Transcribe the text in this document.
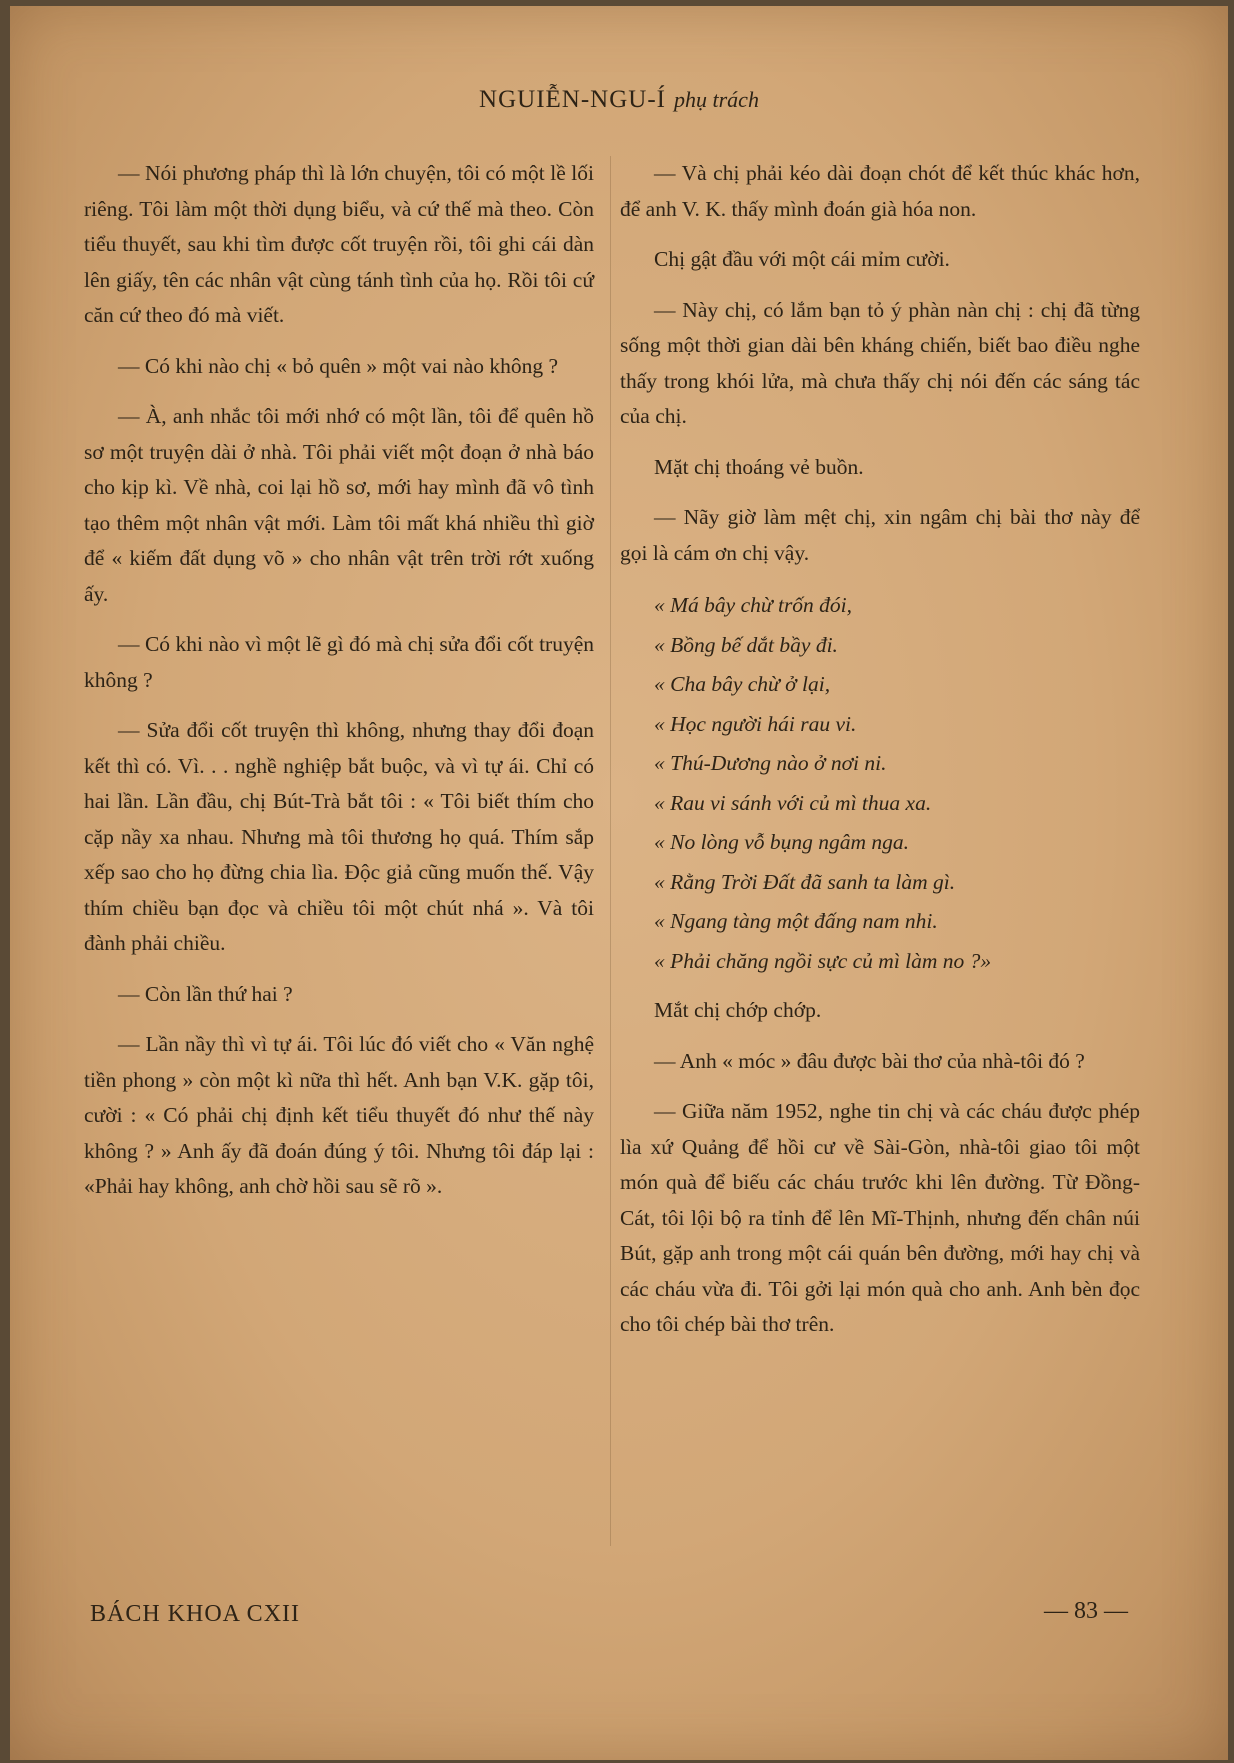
NGUIỄN-NGU-Í phụ trách

— Nói phương pháp thì là lớn chuyện, tôi có một lề lối riêng. Tôi làm một thời dụng biểu, và cứ thế mà theo. Còn tiểu thuyết, sau khi tìm được cốt truyện rồi, tôi ghi cái dàn lên giấy, tên các nhân vật cùng tánh tình của họ. Rồi tôi cứ căn cứ theo đó mà viết.

— Có khi nào chị « bỏ quên » một vai nào không ?

— À, anh nhắc tôi mới nhớ có một lần, tôi để quên hồ sơ một truyện dài ở nhà. Tôi phải viết một đoạn ở nhà báo cho kịp kì. Về nhà, coi lại hồ sơ, mới hay mình đã vô tình tạo thêm một nhân vật mới. Làm tôi mất khá nhiều thì giờ để « kiếm đất dụng võ » cho nhân vật trên trời rớt xuống ấy.

— Có khi nào vì một lẽ gì đó mà chị sửa đổi cốt truyện không ?

— Sửa đổi cốt truyện thì không, nhưng thay đổi đoạn kết thì có. Vì. . . nghề nghiệp bắt buộc, và vì tự ái. Chỉ có hai lần. Lần đầu, chị Bút-Trà bắt tôi : « Tôi biết thím cho cặp nầy xa nhau. Nhưng mà tôi thương họ quá. Thím sắp xếp sao cho họ đừng chia lìa. Độc giả cũng muốn thế. Vậy thím chiều bạn đọc và chiều tôi một chút nhá ». Và tôi đành phải chiều.

— Còn lần thứ hai ?

— Lần nầy thì vì tự ái. Tôi lúc đó viết cho « Văn nghệ tiền phong » còn một kì nữa thì hết. Anh bạn V.K. gặp tôi, cười : « Có phải chị định kết tiểu thuyết đó như thế này không ? » Anh ấy đã đoán đúng ý tôi. Nhưng tôi đáp lại : «Phải hay không, anh chờ hồi sau sẽ rõ ».

— Và chị phải kéo dài đoạn chót để kết thúc khác hơn, để anh V. K. thấy mình đoán già hóa non.

Chị gật đầu với một cái mỉm cười.

— Này chị, có lắm bạn tỏ ý phàn nàn chị : chị đã từng sống một thời gian dài bên kháng chiến, biết bao điều nghe thấy trong khói lửa, mà chưa thấy chị nói đến các sáng tác của chị.

Mặt chị thoáng vẻ buồn.

— Nãy giờ làm mệt chị, xin ngâm chị bài thơ này để gọi là cám ơn chị vậy.

« Má bây chừ trốn đói,
« Bồng bế dắt bầy đi.
« Cha bây chừ ở lại,
« Học người hái rau vi.
« Thú-Dương nào ở nơi ni.
« Rau vi sánh với củ mì thua xa.
« No lòng vỗ bụng ngâm nga.
« Rằng Trời Đất đã sanh ta làm gì.
« Ngang tàng một đấng nam nhi.
« Phải chăng ngồi sực củ mì làm no ?»

Mắt chị chớp chớp.

— Anh « móc » đâu được bài thơ của nhà-tôi đó ?

— Giữa năm 1952, nghe tin chị và các cháu được phép lìa xứ Quảng để hồi cư về Sài-Gòn, nhà-tôi giao tôi một món quà để biếu các cháu trước khi lên đường. Từ Đồng-Cát, tôi lội bộ ra tỉnh để lên Mĩ-Thịnh, nhưng đến chân núi Bút, gặp anh trong một cái quán bên đường, mới hay chị và các cháu vừa đi. Tôi gởi lại món quà cho anh. Anh bèn đọc cho tôi chép bài thơ trên.

BÁCH KHOA CXII	— 83 —
